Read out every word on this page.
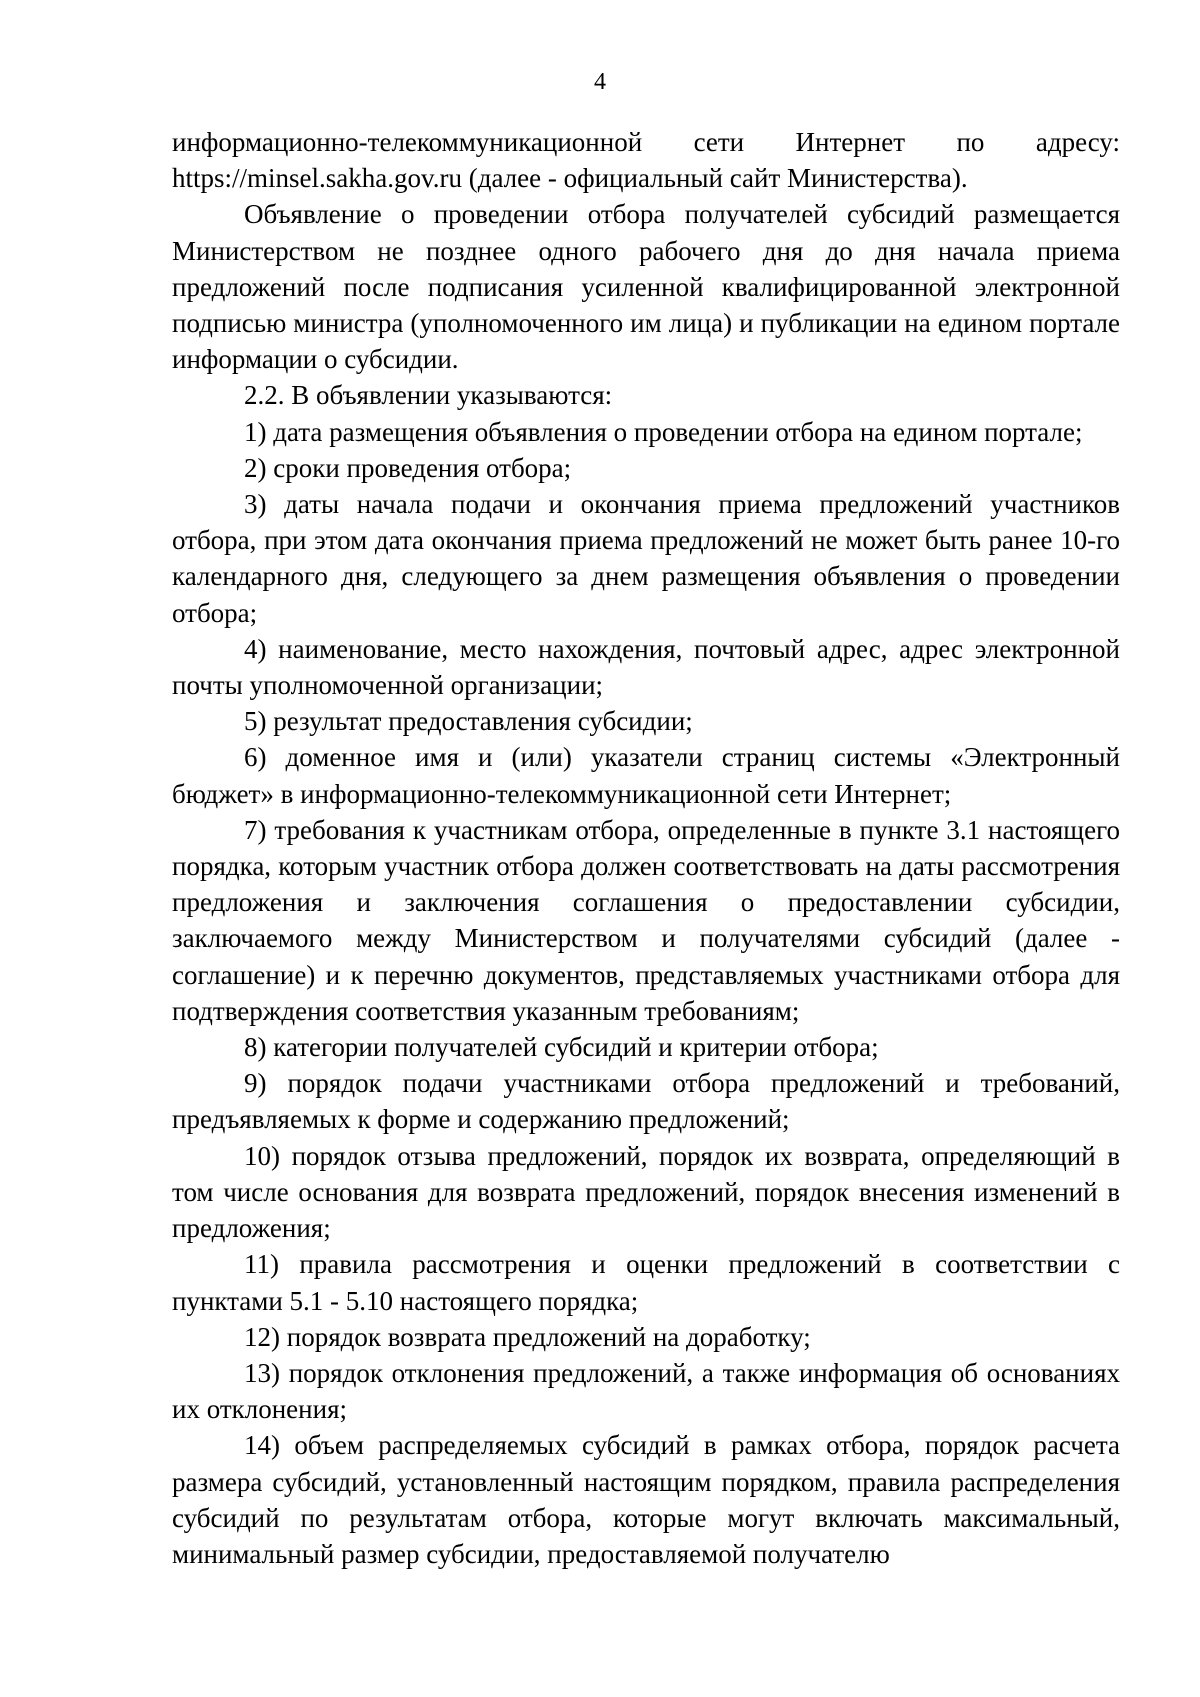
4

информационно-телекоммуникационной сети Интернет по адресу: https://minsel.sakha.gov.ru (далее - официальный сайт Министерства).

Объявление о проведении отбора получателей субсидий размещается Министерством не позднее одного рабочего дня до дня начала приема предложений после подписания усиленной квалифицированной электронной подписью министра (уполномоченного им лица) и публикации на едином портале информации о субсидии.

2.2. В объявлении указываются:

1) дата размещения объявления о проведении отбора на едином портале;

2) сроки проведения отбора;

3) даты начала подачи и окончания приема предложений участников отбора, при этом дата окончания приема предложений не может быть ранее 10-го календарного дня, следующего за днем размещения объявления о проведении отбора;

4) наименование, место нахождения, почтовый адрес, адрес электронной почты уполномоченной организации;

5) результат предоставления субсидии;

6) доменное имя и (или) указатели страниц системы «Электронный бюджет» в информационно-телекоммуникационной сети Интернет;

7) требования к участникам отбора, определенные в пункте 3.1 настоящего порядка, которым участник отбора должен соответствовать на даты рассмотрения предложения и заключения соглашения о предоставлении субсидии, заключаемого между Министерством и получателями субсидий (далее - соглашение) и к перечню документов, представляемых участниками отбора для подтверждения соответствия указанным требованиям;

8) категории получателей субсидий и критерии отбора;

9) порядок подачи участниками отбора предложений и требований, предъявляемых к форме и содержанию предложений;

10) порядок отзыва предложений, порядок их возврата, определяющий в том числе основания для возврата предложений, порядок внесения изменений в предложения;

11) правила рассмотрения и оценки предложений в соответствии с пунктами 5.1 - 5.10 настоящего порядка;

12) порядок возврата предложений на доработку;

13) порядок отклонения предложений, а также информация об основаниях их отклонения;

14) объем распределяемых субсидий в рамках отбора, порядок расчета размера субсидий, установленный настоящим порядком, правила распределения субсидий по результатам отбора, которые могут включать максимальный, минимальный размер субсидии, предоставляемой получателю
